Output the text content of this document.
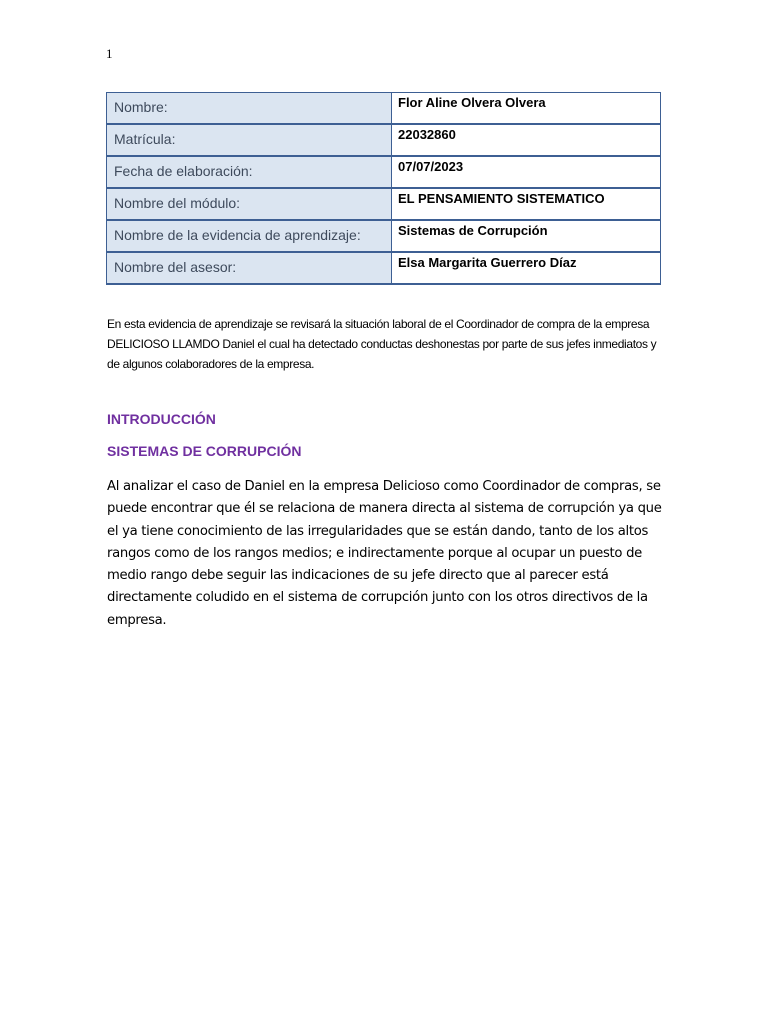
1
Nombre:	Flor Aline Olvera Olvera
Matrícula:	22032860
Fecha de elaboración:	07/07/2023
Nombre del módulo:	EL PENSAMIENTO SISTEMATICO
Nombre de la evidencia de aprendizaje:	Sistemas de Corrupción
Nombre del asesor:	Elsa Margarita Guerrero Díaz

En esta evidencia de aprendizaje se revisará la situación laboral de el Coordinador de compra de la empresa DELICIOSO LLAMDO Daniel el cual ha detectado conductas deshonestas por parte de sus jefes inmediatos y de algunos colaboradores de la empresa.

INTRODUCCIÓN
SISTEMAS DE CORRUPCIÓN

Al analizar el caso de Daniel en la empresa Delicioso como Coordinador de compras, se puede encontrar que él se relaciona de manera directa al sistema de corrupción ya que el ya tiene conocimiento de las irregularidades que se están dando, tanto de los altos rangos como de los rangos medios; e indirectamente porque al ocupar un puesto de medio rango debe seguir las indicaciones de su jefe directo que al parecer está directamente coludido en el sistema de corrupción junto con los otros directivos de la empresa.
